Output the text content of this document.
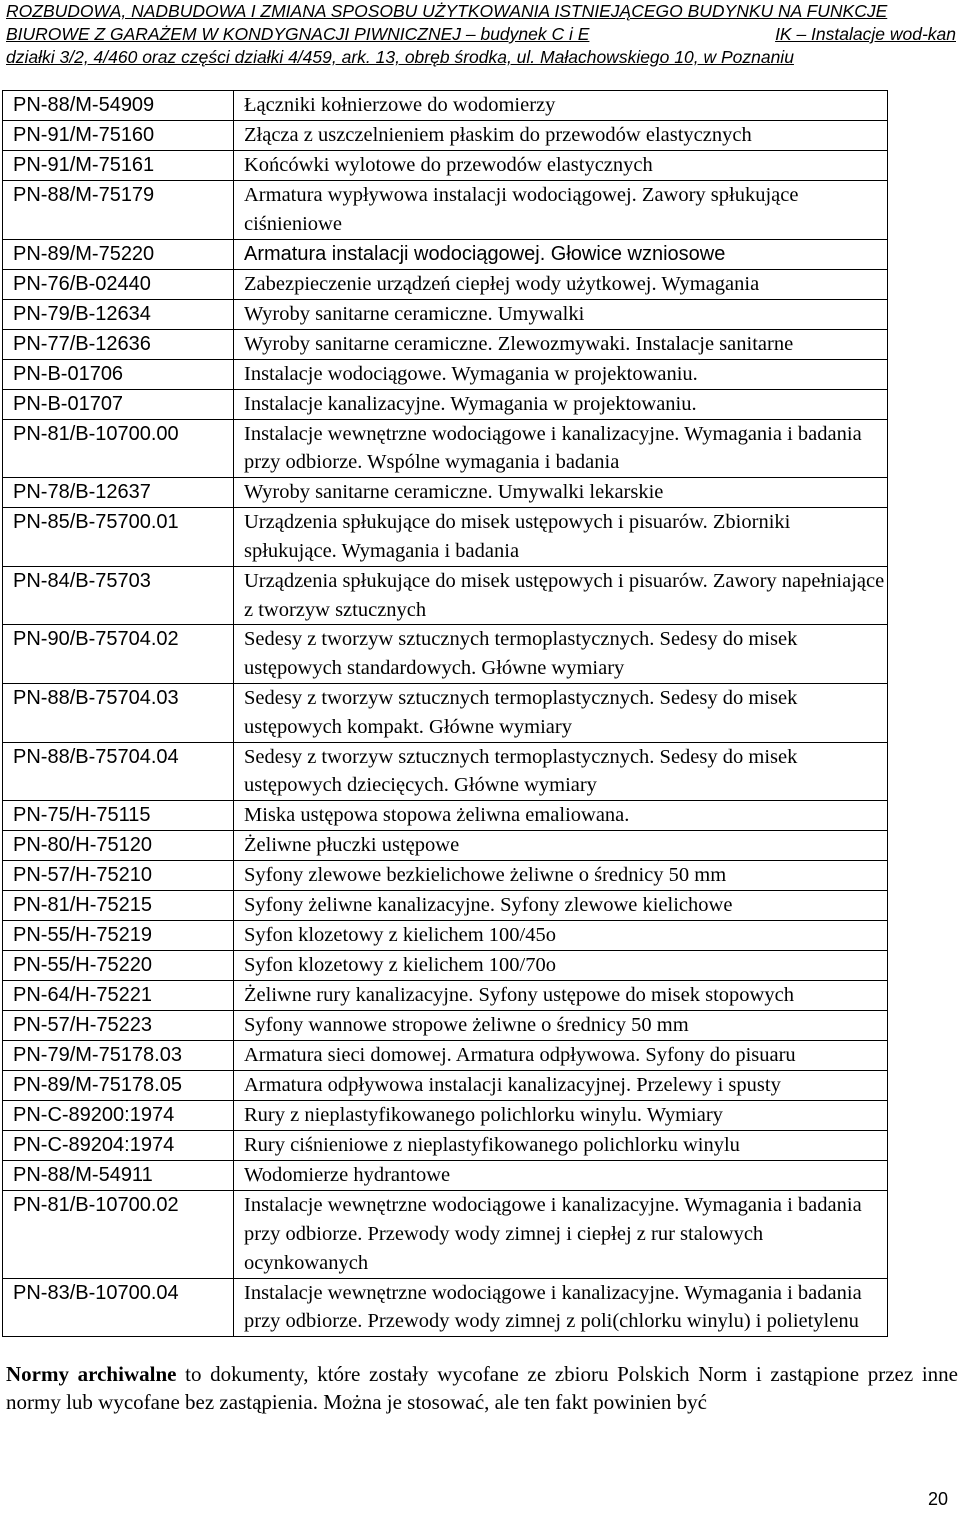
ROZBUDOWA, NADBUDOWA I ZMIANA SPOSOBU UŻYTKOWANIA ISTNIEJĄCEGO BUDYNKU NA FUNKCJE
BIUROWE Z GARAŻEM W KONDYGNACJI PIWNICZNEJ – budynek C i E	IK – Instalacje wod-kan
działki 3/2, 4/460 oraz części działki 4/459, ark. 13, obręb środka, ul. Małachowskiego 10, w Poznaniu
PN-88/M-54909	Łączniki kołnierzowe do wodomierzy
PN-91/M-75160	Złącza z uszczelnieniem płaskim do przewodów elastycznych
PN-91/M-75161	Końcówki wylotowe do przewodów elastycznych
PN-88/M-75179	Armatura wypływowa instalacji wodociągowej. Zawory spłukujące ciśnieniowe
PN-89/M-75220	Armatura instalacji wodociągowej. Głowice wzniosowe
PN-76/B-02440	Zabezpieczenie urządzeń ciepłej wody użytkowej. Wymagania
PN-79/B-12634	Wyroby sanitarne ceramiczne. Umywalki
PN-77/B-12636	Wyroby sanitarne ceramiczne. Zlewozmywaki. Instalacje sanitarne
PN-B-01706	Instalacje wodociągowe. Wymagania w projektowaniu.
PN-B-01707	Instalacje kanalizacyjne. Wymagania w projektowaniu.
PN-81/B-10700.00	Instalacje wewnętrzne wodociągowe i kanalizacyjne. Wymagania i badania przy odbiorze. Wspólne wymagania i badania
PN-78/B-12637	Wyroby sanitarne ceramiczne. Umywalki lekarskie
PN-85/B-75700.01	Urządzenia spłukujące do misek ustępowych i pisuarów. Zbiorniki spłukujące. Wymagania i badania
PN-84/B-75703	Urządzenia spłukujące do misek ustępowych i pisuarów. Zawory napełniające z tworzyw sztucznych
PN-90/B-75704.02	Sedesy z tworzyw sztucznych termoplastycznych. Sedesy do misek ustępowych standardowych. Główne wymiary
PN-88/B-75704.03	Sedesy z tworzyw sztucznych termoplastycznych. Sedesy do misek ustępowych kompakt. Główne wymiary
PN-88/B-75704.04	Sedesy z tworzyw sztucznych termoplastycznych. Sedesy do misek ustępowych dziecięcych. Główne wymiary
PN-75/H-75115	Miska ustępowa stopowa żeliwna emaliowana.
PN-80/H-75120	Żeliwne płuczki ustępowe
PN-57/H-75210	Syfony zlewowe bezkielichowe żeliwne o średnicy 50 mm
PN-81/H-75215	Syfony żeliwne kanalizacyjne. Syfony zlewowe kielichowe
PN-55/H-75219	Syfon klozetowy z kielichem 100/45o
PN-55/H-75220	Syfon klozetowy z kielichem 100/70o
PN-64/H-75221	Żeliwne rury kanalizacyjne. Syfony ustępowe do misek stopowych
PN-57/H-75223	Syfony wannowe stropowe żeliwne o średnicy 50 mm
PN-79/M-75178.03	Armatura sieci domowej. Armatura odpływowa. Syfony do pisuaru
PN-89/M-75178.05	Armatura odpływowa instalacji kanalizacyjnej. Przelewy i spusty
PN-C-89200:1974	Rury z nieplastyfikowanego polichlorku winylu. Wymiary
PN-C-89204:1974	Rury ciśnieniowe z nieplastyfikowanego polichlorku winylu
PN-88/M-54911	Wodomierze hydrantowe
PN-81/B-10700.02	Instalacje wewnętrzne wodociągowe i kanalizacyjne. Wymagania i badania przy odbiorze. Przewody wody zimnej i ciepłej z rur stalowych ocynkowanych
PN-83/B-10700.04	Instalacje wewnętrzne wodociągowe i kanalizacyjne. Wymagania i badania przy odbiorze. Przewody wody zimnej z poli(chlorku winylu) i polietylenu
Normy archiwalne to dokumenty, które zostały wycofane ze zbioru Polskich Norm i zastąpione przez inne normy lub wycofane bez zastąpienia. Można je stosować, ale ten fakt powinien być
20
